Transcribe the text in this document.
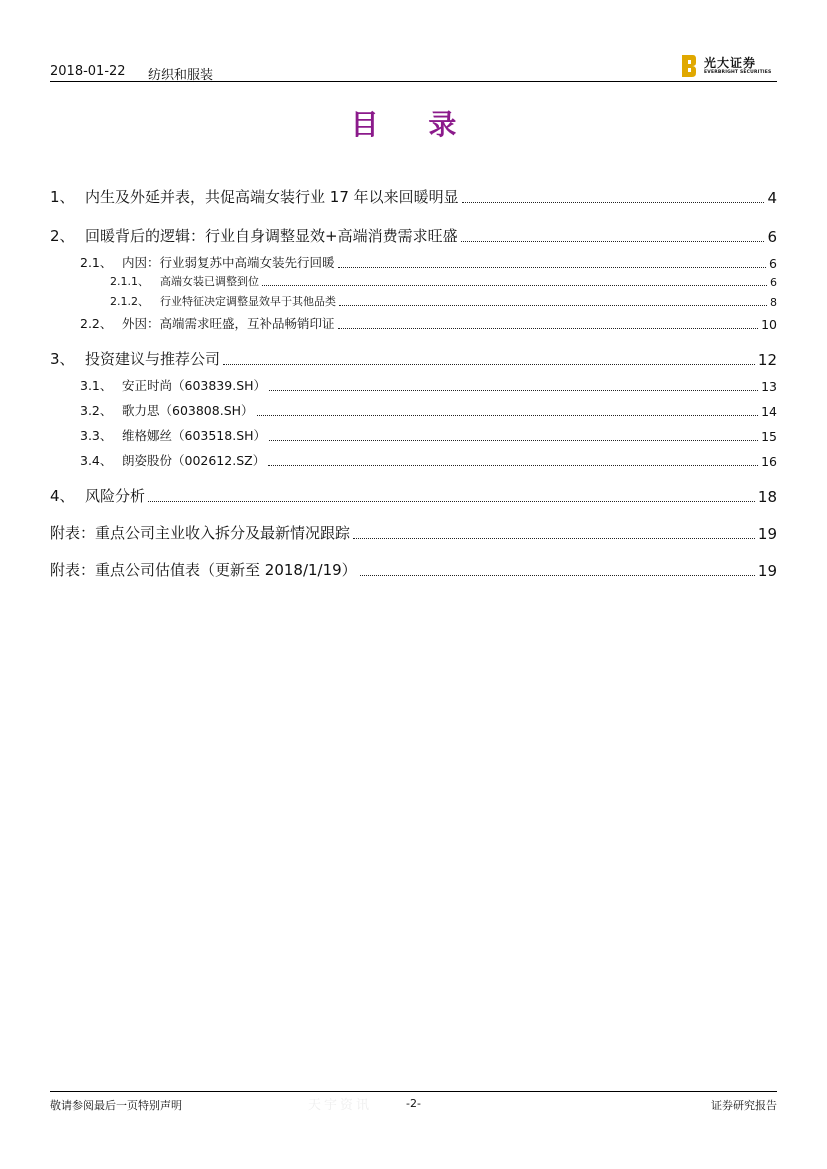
2018-01-22 纺织和服装
光大证券
EVERBRIGHT SECURITIES
目 录
1、 内生及外延并表，共促高端女装行业 17 年以来回暖明显	4
2、 回暖背后的逻辑：行业自身调整显效+高端消费需求旺盛	6
2.1、 内因：行业弱复苏中高端女装先行回暖	6
2.1.1、	高端女装已调整到位	6
2.1.2、	行业特征决定调整显效早于其他品类	8
2.2、 外因：高端需求旺盛，互补品畅销印证	10
3、 投资建议与推荐公司	12
3.1、 安正时尚（603839.SH）	13
3.2、 歌力思（603808.SH）	14
3.3、 维格娜丝（603518.SH）	15
3.4、 朗姿股份（002612.SZ）	16
4、 风险分析	18
附表：重点公司主业收入拆分及最新情况跟踪	19
附表：重点公司估值表（更新至 2018/1/19）	19
敬请参阅最后一页特别声明	天宇资讯	-2-	证券研究报告
